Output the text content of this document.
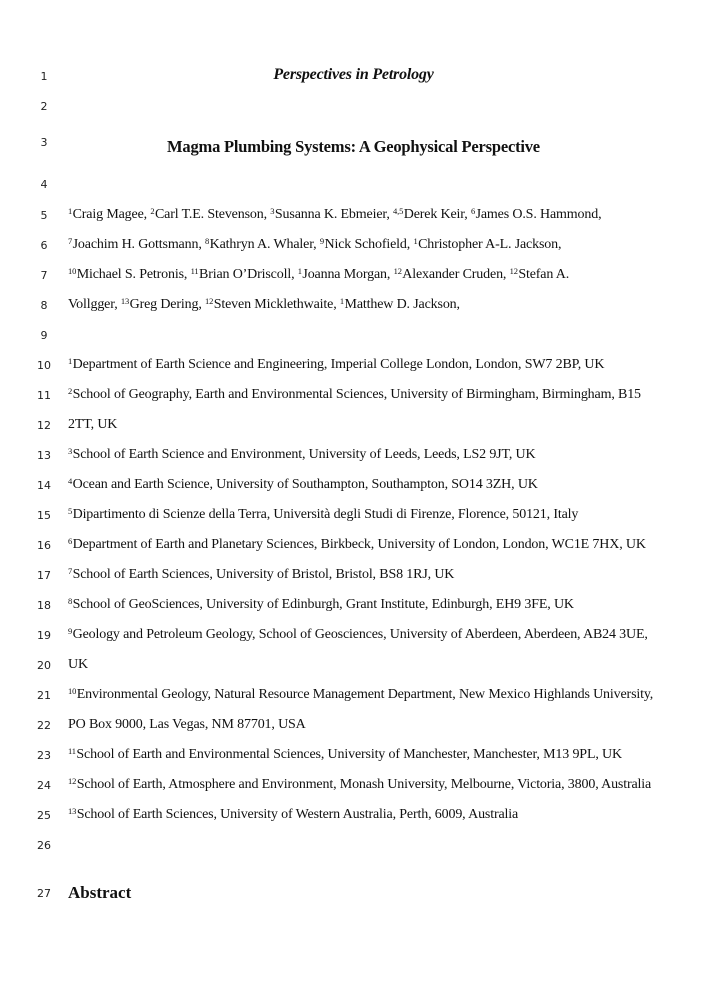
1	Perspectives in Petrology
2
3	Magma Plumbing Systems: A Geophysical Perspective
4
5	$^1$Craig Magee, $^2$Carl T.E. Stevenson, $^3$Susanna K. Ebmeier, $^{4,5}$Derek Keir, $^6$James O.S. Hammond,
6	$^7$Joachim H. Gottsmann, $^8$Kathryn A. Whaler, $^9$Nick Schofield, $^1$Christopher A-L. Jackson,
7	$^{10}$Michael S. Petronis, $^{11}$Brian O’Driscoll, $^1$Joanna Morgan, $^{12}$Alexander Cruden, $^{12}$Stefan A.
8	Vollgger, $^{13}$Greg Dering, $^{12}$Steven Micklethwaite, $^1$Matthew D. Jackson,
9
10	$^1$Department of Earth Science and Engineering, Imperial College London, London, SW7 2BP, UK
11	$^2$School of Geography, Earth and Environmental Sciences, University of Birmingham, Birmingham, B15
12	2TT, UK
13	$^3$School of Earth Science and Environment, University of Leeds, Leeds, LS2 9JT, UK
14	$^4$Ocean and Earth Science, University of Southampton, Southampton, SO14 3ZH, UK
15	$^5$Dipartimento di Scienze della Terra, Università degli Studi di Firenze, Florence, 50121, Italy
16	$^6$Department of Earth and Planetary Sciences, Birkbeck, University of London, London, WC1E 7HX, UK
17	$^7$School of Earth Sciences, University of Bristol, Bristol, BS8 1RJ, UK
18	$^8$School of GeoSciences, University of Edinburgh, Grant Institute, Edinburgh, EH9 3FE, UK
19	$^9$Geology and Petroleum Geology, School of Geosciences, University of Aberdeen, Aberdeen, AB24 3UE,
20	UK
21	$^{10}$Environmental Geology, Natural Resource Management Department, New Mexico Highlands University,
22	PO Box 9000, Las Vegas, NM 87701, USA
23	$^{11}$School of Earth and Environmental Sciences, University of Manchester, Manchester, M13 9PL, UK
24	$^{12}$School of Earth, Atmosphere and Environment, Monash University, Melbourne, Victoria, 3800, Australia
25	$^{13}$School of Earth Sciences, University of Western Australia, Perth, 6009, Australia
26
27	Abstract
